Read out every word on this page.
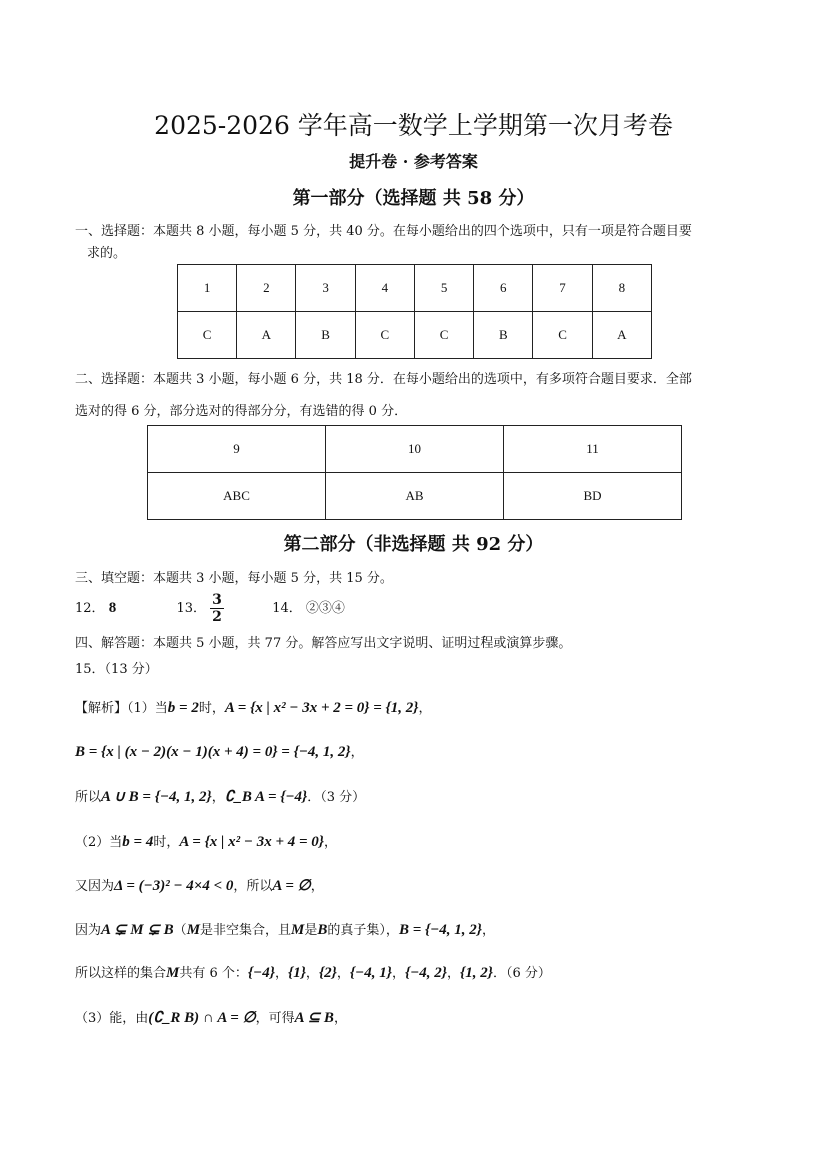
2025-2026 学年高一数学上学期第一次月考卷
提升卷 · 参考答案
第一部分（选择题 共 58 分）
一、选择题：本题共 8 小题，每小题 5 分，共 40 分。在每小题给出的四个选项中，只有一项是符合题目要
求的。
1	2	3	4	5	6	7	8
C	A	B	C	C	B	C	A
二、选择题：本题共 3 小题，每小题 6 分，共 18 分．在每小题给出的选项中，有多项符合题目要求．全部
选对的得 6 分，部分选对的得部分分，有选错的得 0 分．
9	10	11
ABC	AB	BD
第二部分（非选择题 共 92 分）
三、填空题：本题共 3 小题，每小题 5 分，共 15 分。
12． 8	13． $\frac{3}{2}$	14． ②③④
四、解答题：本题共 5 小题，共 77 分。解答应写出文字说明、证明过程或演算步骤。
15．（13 分）
【解析】（1）当b = 2时，A = {x | x² − 3x + 2 = 0} = {1, 2}，
B = {x | (x − 2)(x − 1)(x + 4) = 0} = {−4, 1, 2}，
所以A ∪ B = {−4, 1, 2}，∁_B A = {−4}．（3 分）
（2）当b = 4时，A = {x | x² − 3x + 4 = 0}，
又因为Δ = (−3)² − 4×4 < 0，所以A = ∅，
因为A ⊊ M ⊊ B（M是非空集合，且M是B的真子集），B = {−4, 1, 2}，
所以这样的集合M共有 6 个：{−4}，{1}，{2}，{−4, 1}，{−4, 2}，{1, 2}．（6 分）
（3）能，由(∁_R B) ∩ A = ∅，可得A ⊆ B，
